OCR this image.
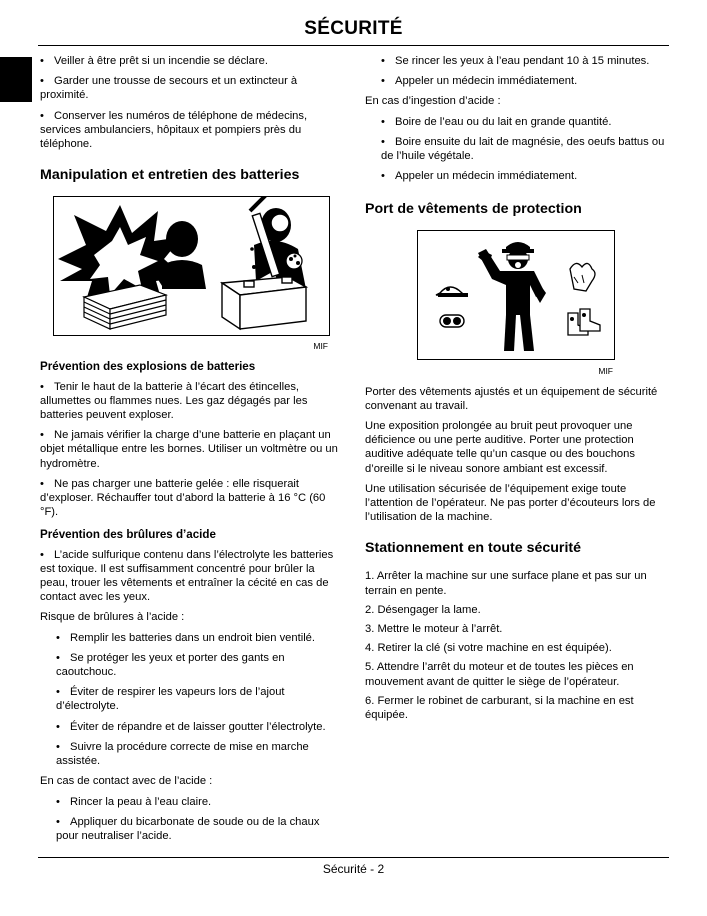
SÉCURITÉ

• Veiller à être prêt si un incendie se déclare.

• Garder une trousse de secours et un extincteur à proximité.

• Conserver les numéros de téléphone de médecins, services ambulanciers, hôpitaux et pompiers près du téléphone.

Manipulation et entretien des batteries
MIF
Prévention des explosions de batteries

• Tenir le haut de la batterie à l’écart des étincelles, allumettes ou flammes nues. Les gaz dégagés par les batteries peuvent exploser.

• Ne jamais vérifier la charge d’une batterie en plaçant un objet métallique entre les bornes. Utiliser un voltmètre ou un hydromètre.

• Ne pas charger une batterie gelée : elle risquerait d’exploser. Réchauffer tout d’abord la batterie à 16 °C (60 °F).

Prévention des brûlures d’acide

• L’acide sulfurique contenu dans l’électrolyte les batteries est toxique. Il est suffisamment concentré pour brûler la peau, trouer les vêtements et entraîner la cécité en cas de contact avec les yeux.

Risque de brûlures à l’acide :

• Remplir les batteries dans un endroit bien ventilé.

• Se protéger les yeux et porter des gants en caoutchouc.

• Éviter de respirer les vapeurs lors de l’ajout d’électrolyte.

• Éviter de répandre et de laisser goutter l’électrolyte.

• Suivre la procédure correcte de mise en marche assistée.

En cas de contact avec de l’acide :

• Rincer la peau à l’eau claire.

• Appliquer du bicarbonate de soude ou de la chaux pour neutraliser l’acide.

• Se rincer les yeux à l’eau pendant 10 à 15 minutes.

• Appeler un médecin immédiatement.

En cas d’ingestion d’acide :

• Boire de l’eau ou du lait en grande quantité.

• Boire ensuite du lait de magnésie, des oeufs battus ou de l’huile végétale.

• Appeler un médecin immédiatement.

Port de vêtements de protection
MIF

Porter des vêtements ajustés et un équipement de sécurité convenant au travail.

Une exposition prolongée au bruit peut provoquer une déficience ou une perte auditive. Porter une protection auditive adéquate telle qu’un casque ou des bouchons d’oreille si le niveau sonore ambiant est excessif.

Une utilisation sécurisée de l’équipement exige toute l’attention de l’opérateur. Ne pas porter d’écouteurs lors de l’utilisation de la machine.

Stationnement en toute sécurité

1. Arrêter la machine sur une surface plane et pas sur un terrain en pente.

2. Désengager la lame.

3. Mettre le moteur à l’arrêt.

4. Retirer la clé (si votre machine en est équipée).

5. Attendre l’arrêt du moteur et de toutes les pièces en mouvement avant de quitter le siège de l’opérateur.

6. Fermer le robinet de carburant, si la machine en est équipée.

Sécurité - 2
